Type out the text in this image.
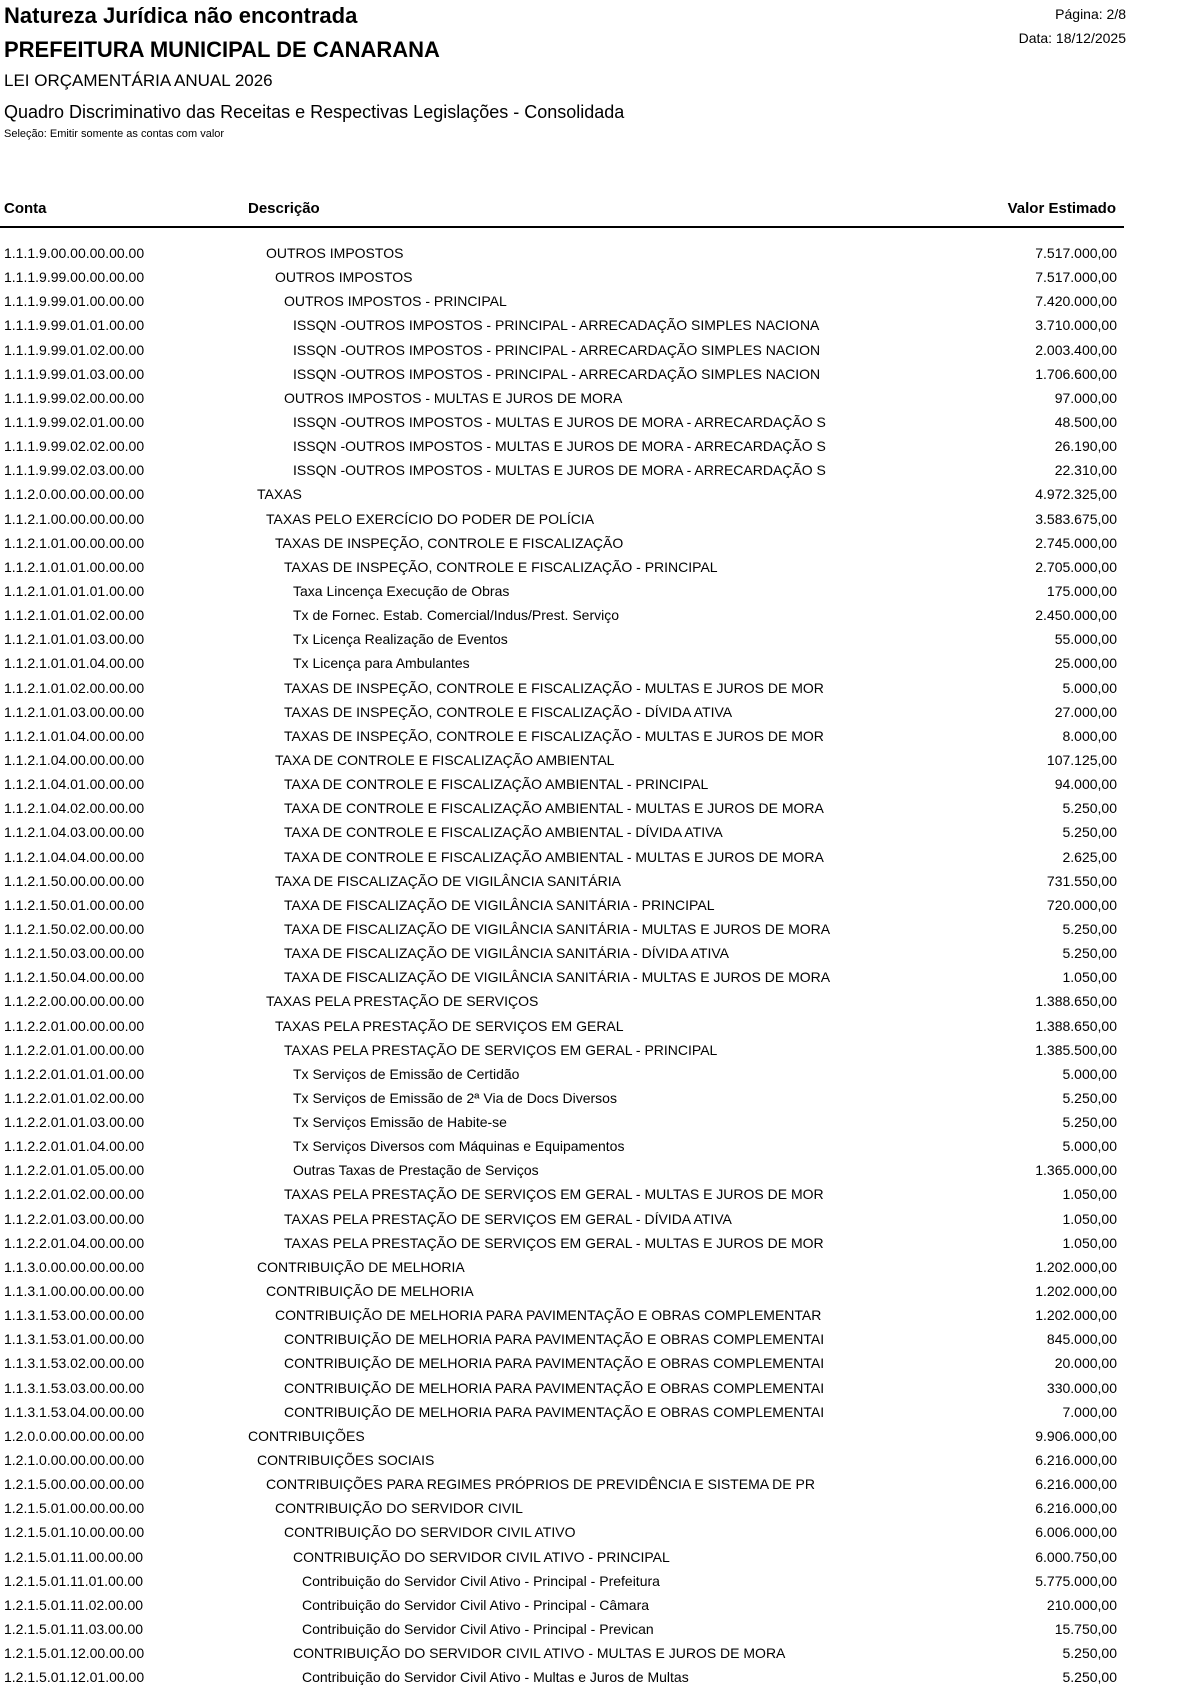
Natureza Jurídica não encontrada
PREFEITURA MUNICIPAL DE CANARANA
LEI ORÇAMENTÁRIA ANUAL 2026
Quadro Discriminativo das Receitas e Respectivas Legislações - Consolidada
Seleção: Emitir somente as contas com valor
Página: 2/8
Data: 18/12/2025
Conta	Descrição	Valor Estimado
1.1.1.9.00.00.00.00.00	OUTROS IMPOSTOS	7.517.000,00
1.1.1.9.99.00.00.00.00	OUTROS IMPOSTOS	7.517.000,00
1.1.1.9.99.01.00.00.00	OUTROS IMPOSTOS - PRINCIPAL	7.420.000,00
1.1.1.9.99.01.01.00.00	ISSQN -OUTROS IMPOSTOS - PRINCIPAL - ARRECADAÇÃO SIMPLES NACIONA	3.710.000,00
1.1.1.9.99.01.02.00.00	ISSQN -OUTROS IMPOSTOS - PRINCIPAL - ARRECARDAÇÃO SIMPLES NACION	2.003.400,00
1.1.1.9.99.01.03.00.00	ISSQN -OUTROS IMPOSTOS - PRINCIPAL - ARRECARDAÇÃO SIMPLES NACION	1.706.600,00
1.1.1.9.99.02.00.00.00	OUTROS IMPOSTOS - MULTAS E JUROS DE MORA	97.000,00
1.1.1.9.99.02.01.00.00	ISSQN -OUTROS IMPOSTOS - MULTAS E JUROS DE MORA - ARRECARDAÇÃO S	48.500,00
1.1.1.9.99.02.02.00.00	ISSQN -OUTROS IMPOSTOS - MULTAS E JUROS DE MORA - ARRECARDAÇÃO S	26.190,00
1.1.1.9.99.02.03.00.00	ISSQN -OUTROS IMPOSTOS - MULTAS E JUROS DE MORA - ARRECARDAÇÃO S	22.310,00
1.1.2.0.00.00.00.00.00	TAXAS	4.972.325,00
1.1.2.1.00.00.00.00.00	TAXAS PELO EXERCÍCIO DO PODER DE POLÍCIA	3.583.675,00
1.1.2.1.01.00.00.00.00	TAXAS DE INSPEÇÃO, CONTROLE E FISCALIZAÇÃO	2.745.000,00
1.1.2.1.01.01.00.00.00	TAXAS DE INSPEÇÃO, CONTROLE E FISCALIZAÇÃO - PRINCIPAL	2.705.000,00
1.1.2.1.01.01.01.00.00	Taxa Lincença Execução de Obras	175.000,00
1.1.2.1.01.01.02.00.00	Tx de Fornec. Estab. Comercial/Indus/Prest. Serviço	2.450.000,00
1.1.2.1.01.01.03.00.00	Tx Licença Realização de Eventos	55.000,00
1.1.2.1.01.01.04.00.00	Tx Licença para Ambulantes	25.000,00
1.1.2.1.01.02.00.00.00	TAXAS DE INSPEÇÃO, CONTROLE E FISCALIZAÇÃO - MULTAS E JUROS DE MOR	5.000,00
1.1.2.1.01.03.00.00.00	TAXAS DE INSPEÇÃO, CONTROLE E FISCALIZAÇÃO - DÍVIDA ATIVA	27.000,00
1.1.2.1.01.04.00.00.00	TAXAS DE INSPEÇÃO, CONTROLE E FISCALIZAÇÃO - MULTAS E JUROS DE MOR	8.000,00
1.1.2.1.04.00.00.00.00	TAXA DE CONTROLE E FISCALIZAÇÃO AMBIENTAL	107.125,00
1.1.2.1.04.01.00.00.00	TAXA DE CONTROLE E FISCALIZAÇÃO AMBIENTAL - PRINCIPAL	94.000,00
1.1.2.1.04.02.00.00.00	TAXA DE CONTROLE E FISCALIZAÇÃO AMBIENTAL - MULTAS E JUROS DE MORA	5.250,00
1.1.2.1.04.03.00.00.00	TAXA DE CONTROLE E FISCALIZAÇÃO AMBIENTAL - DÍVIDA ATIVA	5.250,00
1.1.2.1.04.04.00.00.00	TAXA DE CONTROLE E FISCALIZAÇÃO AMBIENTAL - MULTAS E JUROS DE MORA	2.625,00
1.1.2.1.50.00.00.00.00	TAXA DE FISCALIZAÇÃO DE VIGILÂNCIA SANITÁRIA	731.550,00
1.1.2.1.50.01.00.00.00	TAXA DE FISCALIZAÇÃO DE VIGILÂNCIA SANITÁRIA - PRINCIPAL	720.000,00
1.1.2.1.50.02.00.00.00	TAXA DE FISCALIZAÇÃO DE VIGILÂNCIA SANITÁRIA - MULTAS E JUROS DE MORA	5.250,00
1.1.2.1.50.03.00.00.00	TAXA DE FISCALIZAÇÃO DE VIGILÂNCIA SANITÁRIA - DÍVIDA ATIVA	5.250,00
1.1.2.1.50.04.00.00.00	TAXA DE FISCALIZAÇÃO DE VIGILÂNCIA SANITÁRIA - MULTAS E JUROS DE MORA	1.050,00
1.1.2.2.00.00.00.00.00	TAXAS PELA PRESTAÇÃO DE SERVIÇOS	1.388.650,00
1.1.2.2.01.00.00.00.00	TAXAS PELA PRESTAÇÃO DE SERVIÇOS EM GERAL	1.388.650,00
1.1.2.2.01.01.00.00.00	TAXAS PELA PRESTAÇÃO DE SERVIÇOS EM GERAL - PRINCIPAL	1.385.500,00
1.1.2.2.01.01.01.00.00	Tx Serviços de Emissão de Certidão	5.000,00
1.1.2.2.01.01.02.00.00	Tx Serviços de Emissão de 2ª Via de Docs Diversos	5.250,00
1.1.2.2.01.01.03.00.00	Tx Serviços Emissão de Habite-se	5.250,00
1.1.2.2.01.01.04.00.00	Tx Serviços Diversos com Máquinas e Equipamentos	5.000,00
1.1.2.2.01.01.05.00.00	Outras Taxas de Prestação de Serviços	1.365.000,00
1.1.2.2.01.02.00.00.00	TAXAS PELA PRESTAÇÃO DE SERVIÇOS EM GERAL - MULTAS E JUROS DE MOR	1.050,00
1.1.2.2.01.03.00.00.00	TAXAS PELA PRESTAÇÃO DE SERVIÇOS EM GERAL - DÍVIDA ATIVA	1.050,00
1.1.2.2.01.04.00.00.00	TAXAS PELA PRESTAÇÃO DE SERVIÇOS EM GERAL - MULTAS E JUROS DE MOR	1.050,00
1.1.3.0.00.00.00.00.00	CONTRIBUIÇÃO DE MELHORIA	1.202.000,00
1.1.3.1.00.00.00.00.00	CONTRIBUIÇÃO DE MELHORIA	1.202.000,00
1.1.3.1.53.00.00.00.00	CONTRIBUIÇÃO DE MELHORIA PARA PAVIMENTAÇÃO E OBRAS COMPLEMENTAR	1.202.000,00
1.1.3.1.53.01.00.00.00	CONTRIBUIÇÃO DE MELHORIA PARA PAVIMENTAÇÃO E OBRAS COMPLEMENTAI	845.000,00
1.1.3.1.53.02.00.00.00	CONTRIBUIÇÃO DE MELHORIA PARA PAVIMENTAÇÃO E OBRAS COMPLEMENTAI	20.000,00
1.1.3.1.53.03.00.00.00	CONTRIBUIÇÃO DE MELHORIA PARA PAVIMENTAÇÃO E OBRAS COMPLEMENTAI	330.000,00
1.1.3.1.53.04.00.00.00	CONTRIBUIÇÃO DE MELHORIA PARA PAVIMENTAÇÃO E OBRAS COMPLEMENTAI	7.000,00
1.2.0.0.00.00.00.00.00	CONTRIBUIÇÕES	9.906.000,00
1.2.1.0.00.00.00.00.00	CONTRIBUIÇÕES SOCIAIS	6.216.000,00
1.2.1.5.00.00.00.00.00	CONTRIBUIÇÕES PARA REGIMES PRÓPRIOS DE PREVIDÊNCIA E SISTEMA DE PR	6.216.000,00
1.2.1.5.01.00.00.00.00	CONTRIBUIÇÃO DO SERVIDOR CIVIL	6.216.000,00
1.2.1.5.01.10.00.00.00	CONTRIBUIÇÃO DO SERVIDOR CIVIL ATIVO	6.006.000,00
1.2.1.5.01.11.00.00.00	CONTRIBUIÇÃO DO SERVIDOR CIVIL ATIVO - PRINCIPAL	6.000.750,00
1.2.1.5.01.11.01.00.00	Contribuição do Servidor Civil Ativo - Principal - Prefeitura	5.775.000,00
1.2.1.5.01.11.02.00.00	Contribuição do Servidor Civil Ativo - Principal - Câmara	210.000,00
1.2.1.5.01.11.03.00.00	Contribuição do Servidor Civil Ativo - Principal - Prevican	15.750,00
1.2.1.5.01.12.00.00.00	CONTRIBUIÇÃO DO SERVIDOR CIVIL ATIVO - MULTAS E JUROS DE MORA	5.250,00
1.2.1.5.01.12.01.00.00	Contribuição do Servidor Civil Ativo - Multas e Juros de Multas	5.250,00
